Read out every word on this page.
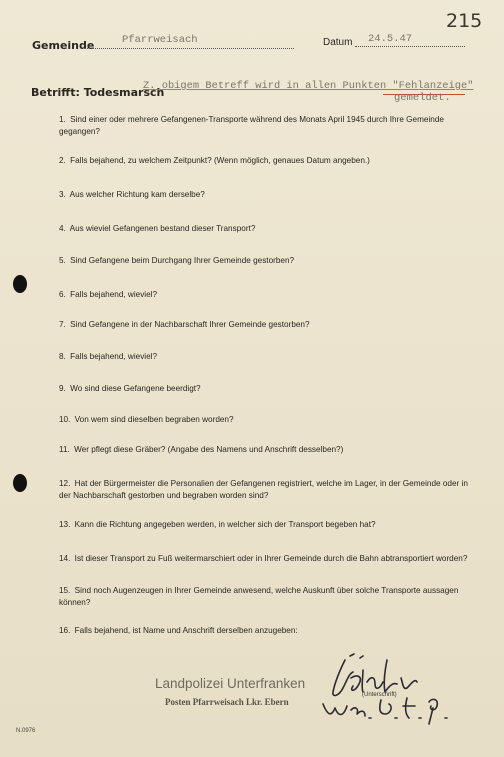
215
Gemeinde	Pfarrweisach	Datum 24.5.47
Betrifft: Todesmarsch
Z. obigem Betreff wird in allen Punkten "Fehlanzeige"
gemeldet.
1. Sind einer oder mehrere Gefangenen-Transporte während des Monats April 1945 durch Ihre Gemeinde gegangen?
2. Falls bejahend, zu welchem Zeitpunkt? (Wenn möglich, genaues Datum angeben.)
3. Aus welcher Richtung kam derselbe?
4. Aus wieviel Gefangenen bestand dieser Transport?
5. Sind Gefangene beim Durchgang Ihrer Gemeinde gestorben?
6. Falls bejahend, wieviel?
7. Sind Gefangene in der Nachbarschaft Ihrer Gemeinde gestorben?
8. Falls bejahend, wieviel?
9. Wo sind diese Gefangene beerdigt?
10. Von wem sind dieselben begraben worden?
11. Wer pflegt diese Gräber? (Angabe des Namens und Anschrift desselben?)
12. Hat der Bürgermeister die Personalien der Gefangenen registriert, welche im Lager, in der Gemeinde oder in der Nachbarschaft gestorben und begraben worden sind?
13. Kann die Richtung angegeben werden, in welcher sich der Transport begeben hat?
14. Ist dieser Transport zu Fuß weitermarschiert oder in Ihrer Gemeinde durch die Bahn abtransportiert worden?
15. Sind noch Augenzeugen in Ihrer Gemeinde anwesend, welche Auskunft über solche Transporte aussagen können?
16. Falls bejahend, ist Name und Anschrift derselben anzugeben:
Landpolizei Unterfranken
Posten Pfarrweisach Lkr. Ebern
(Unterschrift)
N.0976
